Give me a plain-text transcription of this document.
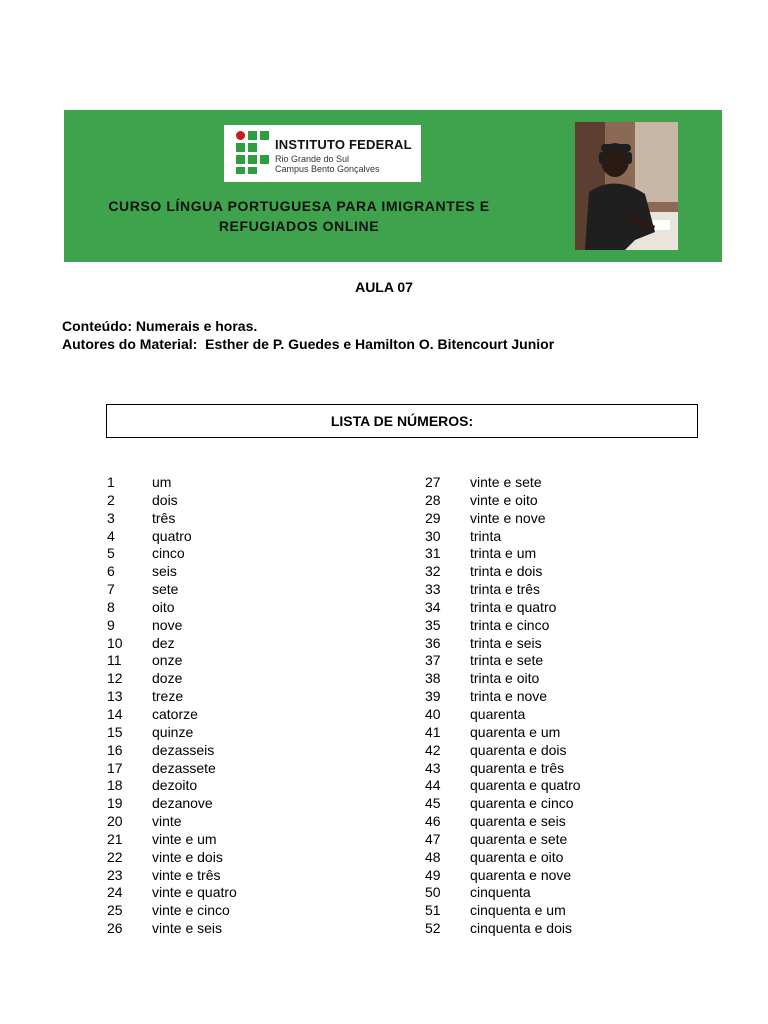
INSTITUTO FEDERAL
Rio Grande do Sul
Campus Bento Gonçalves
CURSO LÍNGUA PORTUGUESA PARA IMIGRANTES E
REFUGIADOS ONLINE
AULA 07
Conteúdo: Numerais e horas.
Autores do Material:  Esther de P. Guedes e Hamilton O. Bitencourt Junior
LISTA DE NÚMEROS:
1	um
2	dois
3	três
4	quatro
5	cinco
6	seis
7	sete
8	oito
9	nove
10 dez
11 onze
12 doze
13 treze
14 catorze
15 quinze
16 dezasseis
17 dezassete
18 dezoito
19 dezanove
20 vinte
21 vinte e um
22 vinte e dois
23 vinte e três
24 vinte e quatro
25 vinte e cinco
26 vinte e seis
27 vinte e sete
28 vinte e oito
29 vinte e nove
30 trinta
31 trinta e um
32 trinta e dois
33 trinta e três
34 trinta e quatro
35 trinta e cinco
36 trinta e seis
37 trinta e sete
38 trinta e oito
39 trinta e nove
40 quarenta
41 quarenta e um
42 quarenta e dois
43 quarenta e três
44 quarenta e quatro
45 quarenta e cinco
46 quarenta e seis
47 quarenta e sete
48 quarenta e oito
49 quarenta e nove
50 cinquenta
51 cinquenta e um
52 cinquenta e dois
